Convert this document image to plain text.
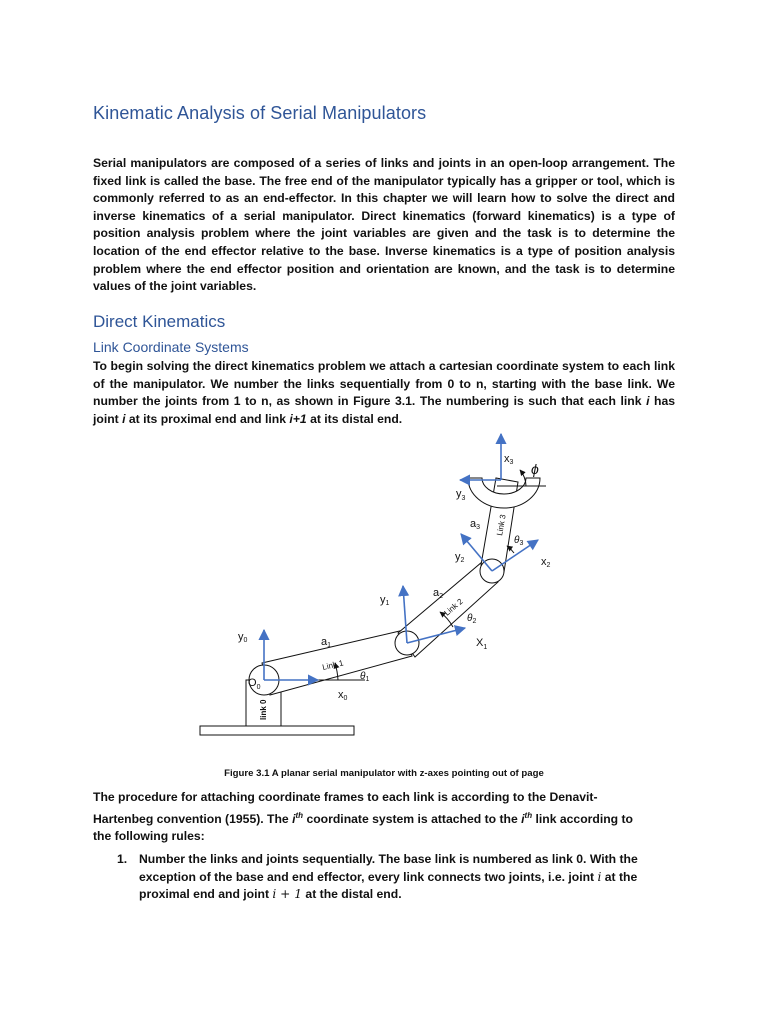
Kinematic Analysis of Serial Manipulators

Serial manipulators are composed of a series of links and joints in an open-loop arrangement. The fixed link is called the base. The free end of the manipulator typically has a gripper or tool, which is commonly referred to as an end-effector. In this chapter we will learn how to solve the direct and inverse kinematics of a serial manipulator. Direct kinematics (forward kinematics) is a type of position analysis problem where the joint variables are given and the task is to determine the location of the end effector relative to the base. Inverse kinematics is a type of position analysis problem where the end effector position and orientation are known, and the task is to determine values of the joint variables.

Direct Kinematics
Link Coordinate Systems

To begin solving the direct kinematics problem we attach a cartesian coordinate system to each link of the manipulator. We number the links sequentially from 0 to n, starting with the base link. We number the joints from 1 to n, as shown in Figure 3.1. The numbering is such that each link i has joint i at its proximal end and link i+1 at its distal end.

link 0
Link 1
Link 2
Link 3
y0
x0
$O_0$
a1
$\theta_1$
y1
$X_1$
a2
$\theta_2$
y2	x2
a3
$\theta_3$
$y_3$
x3 ϕ

Figure 3.1 A planar serial manipulator with z-axes pointing out of page

The procedure for attaching coordinate frames to each link is according to the Denavit-Hartenbeg convention (1955). The $i^{th}$ coordinate system is attached to the $i^{th}$ link according to the following rules:

1. Number the links and joints sequentially. The base link is numbered as link 0. With the exception of the base and end effector, every link connects two joints, i.e. joint i at the proximal end and joint i + 1 at the distal end.
